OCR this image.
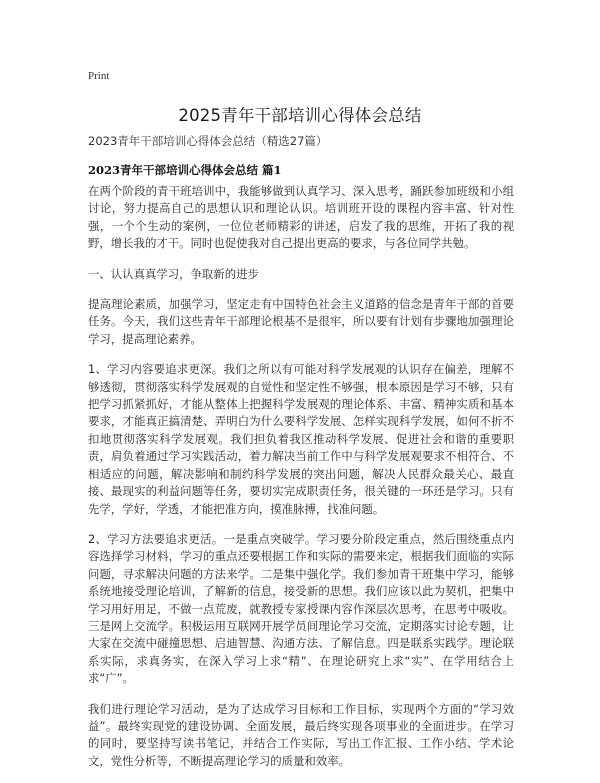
Print
2025青年干部培训心得体会总结
2023青年干部培训心得体会总结（精选27篇）
2023青年干部培训心得体会总结 篇1

在两个阶段的青干班培训中，我能够做到认真学习、深入思考，踊跃参加班级和小组讨论，努力提高自己的思想认识和理论认识。培训班开设的课程内容丰富、针对性强，一个个生动的案例，一位位老师精彩的讲述，启发了我的思维，开拓了我的视野，增长我的才干。同时也促使我对自己提出更高的要求，与各位同学共勉。

一、认认真真学习，争取新的进步

提高理论素质，加强学习，坚定走有中国特色社会主义道路的信念是青年干部的首要任务。今天，我们这些青年干部理论根基不是很牢，所以要有计划有步骤地加强理论学习，提高理论素养。

1、学习内容要追求更深。我们之所以有可能对科学发展观的认识存在偏差，理解不够透彻，贯彻落实科学发展观的自觉性和坚定性不够强，根本原因是学习不够，只有把学习抓紧抓好，才能从整体上把握科学发展观的理论体系、丰富、精神实质和基本要求，才能真正搞清楚、弄明白为什么要科学发展、怎样实现科学发展，如何不折不扣地贯彻落实科学发展观。我们担负着我区推动科学发展、促进社会和谐的重要职责，肩负着通过学习实践活动，着力解决当前工作中与科学发展观要求不相符合、不相适应的问题，解决影响和制约科学发展的突出问题，解决人民群众最关心、最直接、最现实的利益问题等任务，要切实完成职责任务，很关键的一环还是学习。只有先学，学好，学透，才能把准方向，摸准脉搏，找准问题。

2、学习方法要追求更活。一是重点突破学。学习要分阶段定重点，然后围绕重点内容选择学习材料，学习的重点还要根据工作和实际的需要来定，根据我们面临的实际问题，寻求解决问题的方法来学。二是集中强化学。我们参加青干班集中学习，能够系统地接受理论培训，了解新的信息，接受新的思想。我们应该以此为契机，把集中学习用好用足，不做一点荒废，就教授专家授课内容作深层次思考，在思考中吸收。三是网上交流学。积极运用互联网开展学员间理论学习交流，定期落实讨论专题，让大家在交流中碰撞思想、启迪智慧、沟通方法、了解信息。四是联系实践学。理论联系实际，求真务实，在深入学习上求“精”、在理论研究上求“实”、在学用结合上求“广”。

我们进行理论学习活动，是为了达成学习目标和工作目标，实现两个方面的“学习效益”。最终实现党的建设协调、全面发展，最后终实现各项事业的全面进步。在学习的同时，要坚持写读书笔记，并结合工作实际，写出工作汇报、工作小结、学术论文，党性分析等，不断提高理论学习的质量和效率。
